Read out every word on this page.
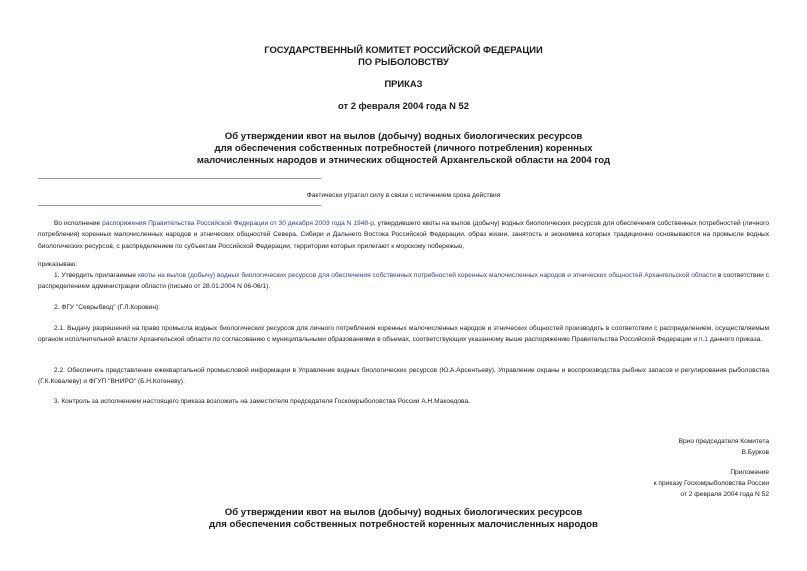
ГОСУДАРСТВЕННЫЙ КОМИТЕТ РОССИЙСКОЙ ФЕДЕРАЦИИ
ПО РЫБОЛОВСТВУ
ПРИКАЗ
от 2 февраля 2004 года N 52
Об утверждении квот на вылов (добычу) водных биологических ресурсов
для обеспечения собственных потребностей (личного потребления) коренных
малочисленных народов и этнических общностей Архангельской области на 2004 год
Фактически утратил силу в связи с истечением срока действия
Во исполнение распоряжения Правительства Российской Федерации от 30 декабря 2003 года N 1948-р, утвердившего квоты на вылов (добычу) водных биологических ресурсов для обеспечения собственных потребностей (личного потребления) коренных малочисленных народов и этнических общностей Севера, Сибири и Дальнего Востока Российской Федерации, образ жизни, занятость и экономика которых традиционно основываются на промысле водных биологических ресурсов, с распределением по субъектам Российской Федерации, территории которых прилегают к морскому побережью,
приказываю:
1. Утвердить прилагаемые квоты на вылов (добычу) водных биологических ресурсов для обеспечения собственных потребностей коренных малочисленных народов и этнических общностей Архангельской области в соответствии с распределением администрации области (письмо от 28.01.2004 N 06-06/1).
2. ФГУ "Севрыбвод" (Г.Л.Коровин):
2.1. Выдачу разрешений на право промысла водных биологических ресурсов для личного потребления коренных малочисленных народов и этнических общностей производить в соответствии с распределением, осуществляемым органом исполнительной власти Архангельской области по согласованию с муниципальными образованиями в объемах, соответствующих указанному выше распоряжению Правительства Российской Федерации и п.1 данного приказа.
2.2. Обеспечить представление ежеквартальной промысловой информации в Управление водных биологических ресурсов (Ю.А.Арсентьеву), Управление охраны и воспроизводства рыбных запасов и регулирования рыболовства (Г.К.Ковалеву) и ФГУП "ВНИРО" (Б.Н.Котеневу).
3. Контроль за исполнением настоящего приказа возложить на заместителя председателя Госкомрыболовства России А.Н.Макоедова.
Врио председателя Комитета
В.Бурков
Приложение
к приказу Госкомрыболовства России
от 2 февраля 2004 года N 52
Об утверждении квот на вылов (добычу) водных биологических ресурсов
для обеспечения собственных потребностей коренных малочисленных народов
